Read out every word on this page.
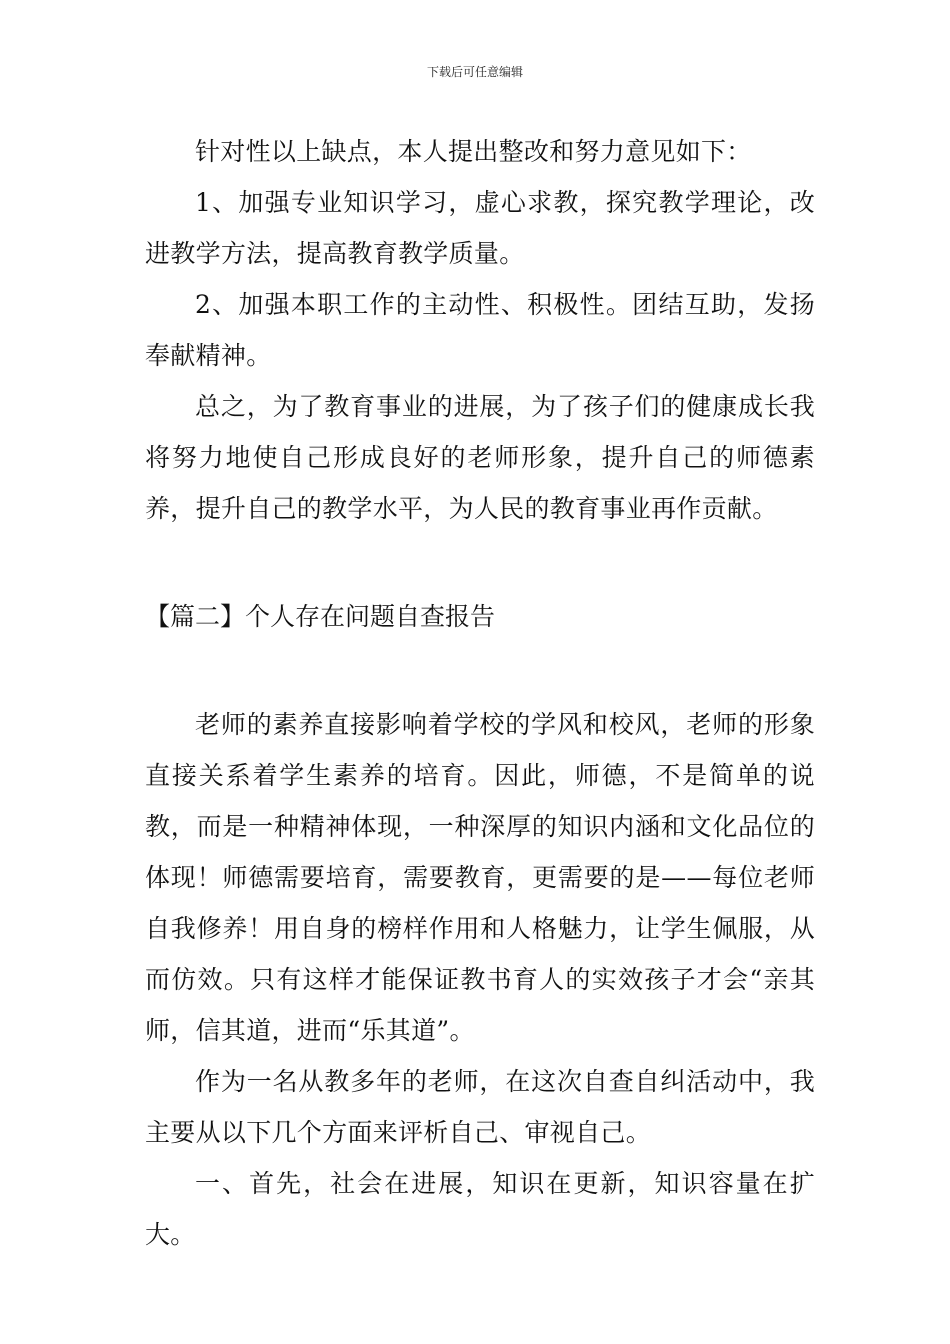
下载后可任意编辑

针对性以上缺点，本人提出整改和努力意见如下：

1、加强专业知识学习，虚心求教，探究教学理论，改进教学方法，提高教育教学质量。

2、加强本职工作的主动性、积极性。团结互助，发扬奉献精神。

总之，为了教育事业的进展，为了孩子们的健康成长我将努力地使自己形成良好的老师形象，提升自己的师德素养，提升自己的教学水平，为人民的教育事业再作贡献。

【篇二】个人存在问题自查报告

老师的素养直接影响着学校的学风和校风，老师的形象直接关系着学生素养的培育。因此，师德，不是简单的说教，而是一种精神体现，一种深厚的知识内涵和文化品位的体现！师德需要培育，需要教育，更需要的是——每位老师自我修养！用自身的榜样作用和人格魅力，让学生佩服，从而仿效。只有这样才能保证教书育人的实效孩子才会“亲其师，信其道，进而“乐其道”。

作为一名从教多年的老师，在这次自查自纠活动中，我主要从以下几个方面来评析自己、审视自己。

一、首先，社会在进展，知识在更新，知识容量在扩大。
